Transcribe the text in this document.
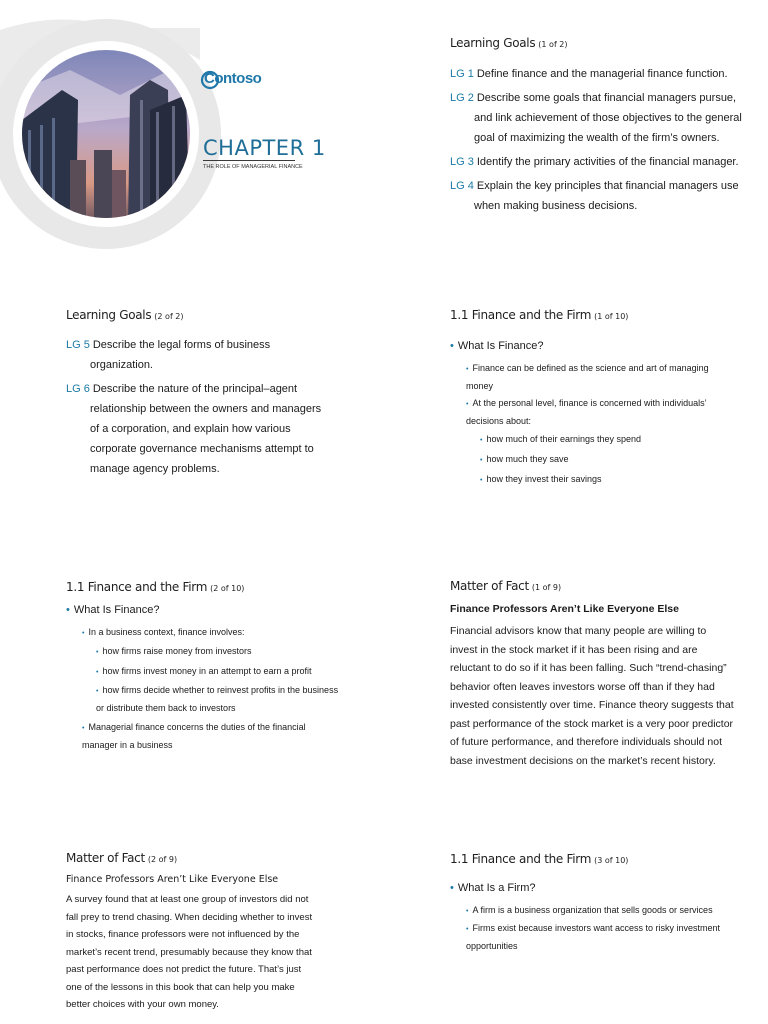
Contoso
CHAPTER 1
THE ROLE OF MANAGERIAL FINANCE
Learning Goals (1 of 2)
LG 1 Define finance and the managerial finance function.
LG 2 Describe some goals that financial managers pursue,
and link achievement of those objectives to the general
goal of maximizing the wealth of the firm’s owners.
LG 3 Identify the primary activities of the financial manager.
LG 4 Explain the key principles that financial managers use
when making business decisions.
Learning Goals (2 of 2)
LG 5 Describe the legal forms of business
organization.
LG 6 Describe the nature of the principal–agent
relationship between the owners and managers
of a corporation, and explain how various
corporate governance mechanisms attempt to
manage agency problems.
1.1 Finance and the Firm (1 of 10)
• What Is Finance?
• Finance can be defined as the science and art of managing
money
• At the personal level, finance is concerned with individuals’
decisions about:
• how much of their earnings they spend
• how much they save
• how they invest their savings
1.1 Finance and the Firm (2 of 10)
• What Is Finance?
• In a business context, finance involves:
• how firms raise money from investors
• how firms invest money in an attempt to earn a profit
• how firms decide whether to reinvest profits in the business
or distribute them back to investors
• Managerial finance concerns the duties of the financial
manager in a business
Matter of Fact (1 of 9)
Finance Professors Aren’t Like Everyone Else
Financial advisors know that many people are willing to
invest in the stock market if it has been rising and are
reluctant to do so if it has been falling. Such “trend-chasing”
behavior often leaves investors worse off than if they had
invested consistently over time. Finance theory suggests that
past performance of the stock market is a very poor predictor
of future performance, and therefore individuals should not
base investment decisions on the market’s recent history.
Matter of Fact (2 of 9)
Finance Professors Aren’t Like Everyone Else
A survey found that at least one group of investors did not
fall prey to trend chasing. When deciding whether to invest
in stocks, finance professors were not influenced by the
market’s recent trend, presumably because they know that
past performance does not predict the future. That’s just
one of the lessons in this book that can help you make
better choices with your own money.
1.1 Finance and the Firm (3 of 10)
• What Is a Firm?
• A firm is a business organization that sells goods or services
• Firms exist because investors want access to risky investment
opportunities
